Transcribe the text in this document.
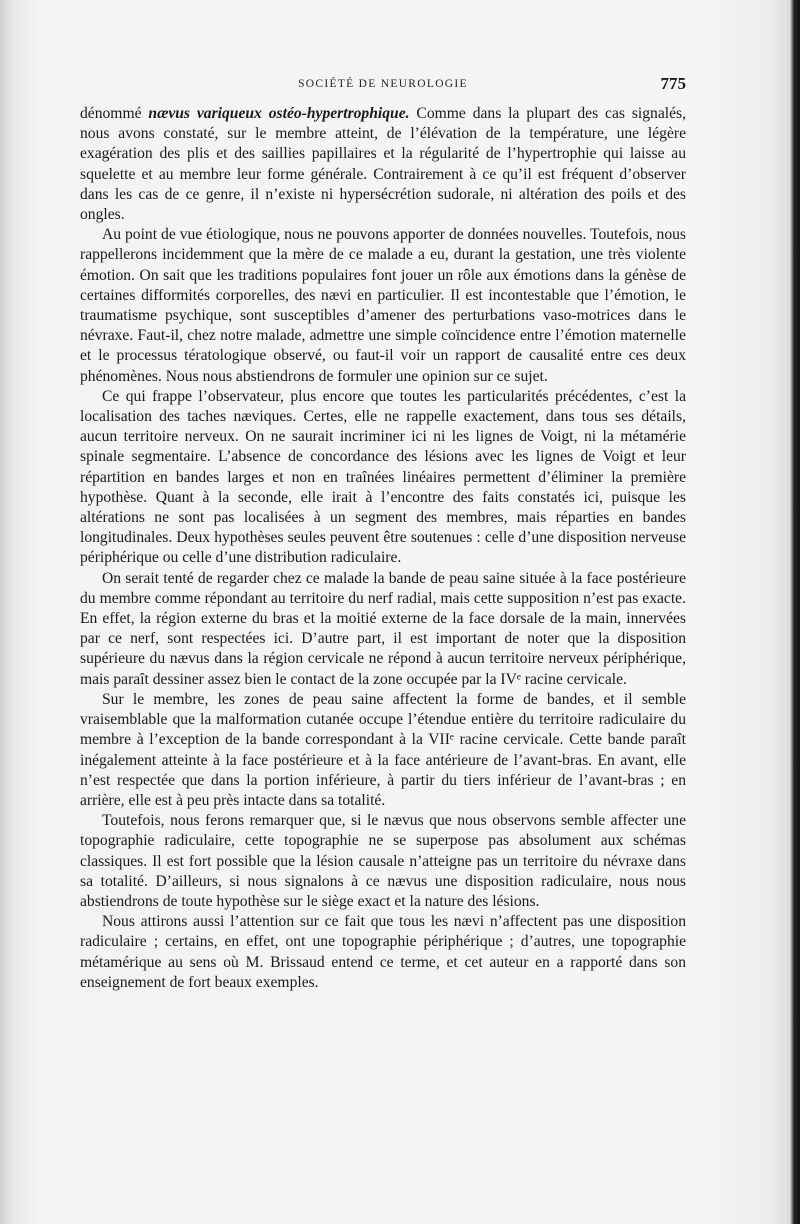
SOCIÉTÉ DE NEUROLOGIE	775

dénommé nævus variqueux ostéo-hypertrophique. Comme dans la plupart des cas signalés, nous avons constaté, sur le membre atteint, de l’élévation de la température, une légère exagération des plis et des saillies papillaires et la régularité de l’hypertrophie qui laisse au squelette et au membre leur forme générale. Contrairement à ce qu’il est fréquent d’observer dans les cas de ce genre, il n’existe ni hypersécrétion sudorale, ni altération des poils et des ongles.

Au point de vue étiologique, nous ne pouvons apporter de données nouvelles. Toutefois, nous rappellerons incidemment que la mère de ce malade a eu, durant la gestation, une très violente émotion. On sait que les traditions populaires font jouer un rôle aux émotions dans la génèse de certaines difformités corporelles, des nævi en particulier. Il est incontestable que l’émotion, le traumatisme psychique, sont susceptibles d’amener des perturbations vaso-motrices dans le névraxe. Faut-il, chez notre malade, admettre une simple coïncidence entre l’émotion maternelle et le processus tératologique observé, ou faut-il voir un rapport de causalité entre ces deux phénomènes. Nous nous abstiendrons de formuler une opinion sur ce sujet.

Ce qui frappe l’observateur, plus encore que toutes les particularités précédentes, c’est la localisation des taches næviques. Certes, elle ne rappelle exactement, dans tous ses détails, aucun territoire nerveux. On ne saurait incriminer ici ni les lignes de Voigt, ni la métamérie spinale segmentaire. L’absence de concordance des lésions avec les lignes de Voigt et leur répartition en bandes larges et non en traînées linéaires permettent d’éliminer la première hypothèse. Quant à la seconde, elle irait à l’encontre des faits constatés ici, puisque les altérations ne sont pas localisées à un segment des membres, mais réparties en bandes longitudinales. Deux hypothèses seules peuvent être soutenues : celle d’une disposition nerveuse périphérique ou celle d’une distribution radiculaire.

On serait tenté de regarder chez ce malade la bande de peau saine située à la face postérieure du membre comme répondant au territoire du nerf radial, mais cette supposition n’est pas exacte. En effet, la région externe du bras et la moitié externe de la face dorsale de la main, innervées par ce nerf, sont respectées ici. D’autre part, il est important de noter que la disposition supérieure du nævus dans la région cervicale ne répond à aucun territoire nerveux périphérique, mais paraît dessiner assez bien le contact de la zone occupée par la IVᵉ racine cervicale.

Sur le membre, les zones de peau saine affectent la forme de bandes, et il semble vraisemblable que la malformation cutanée occupe l’étendue entière du territoire radiculaire du membre à l’exception de la bande correspondant à la VIIᵉ racine cervicale. Cette bande paraît inégalement atteinte à la face postérieure et à la face antérieure de l’avant-bras. En avant, elle n’est respectée que dans la portion inférieure, à partir du tiers inférieur de l’avant-bras ; en arrière, elle est à peu près intacte dans sa totalité.

Toutefois, nous ferons remarquer que, si le nævus que nous observons semble affecter une topographie radiculaire, cette topographie ne se superpose pas absolument aux schémas classiques. Il est fort possible que la lésion causale n’atteigne pas un territoire du névraxe dans sa totalité. D’ailleurs, si nous signalons à ce nævus une disposition radiculaire, nous nous abstiendrons de toute hypothèse sur le siège exact et la nature des lésions.

Nous attirons aussi l’attention sur ce fait que tous les nævi n’affectent pas une disposition radiculaire ; certains, en effet, ont une topographie périphérique ; d’autres, une topographie métamérique au sens où M. Brissaud entend ce terme, et cet auteur en a rapporté dans son enseignement de fort beaux exemples.
